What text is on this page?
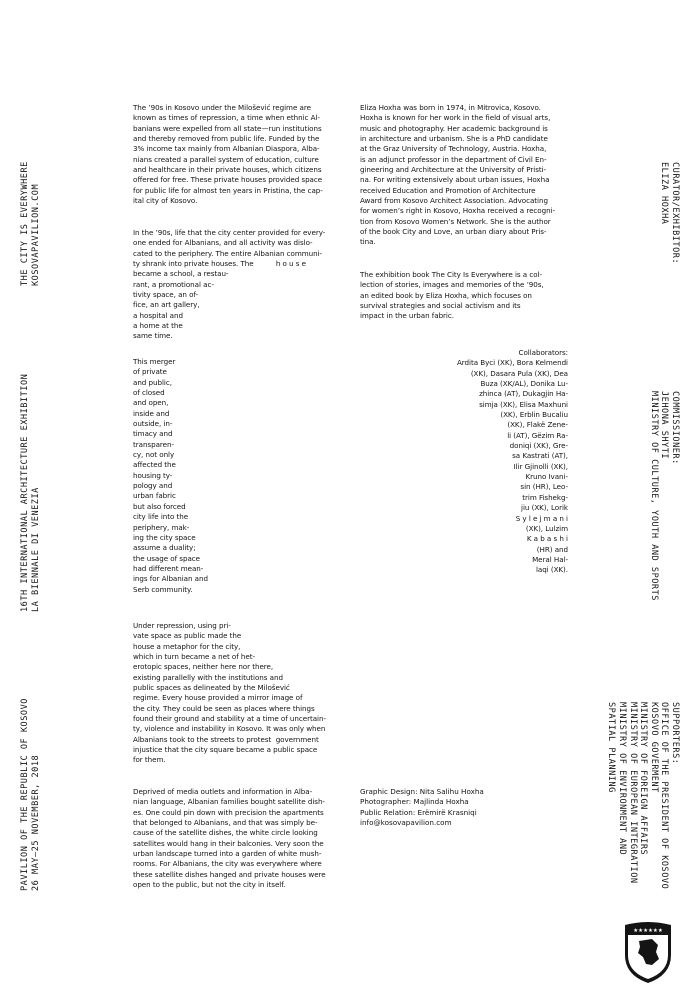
THE CITY IS EVERYWHERE KOSOVAPAVILION.COM
16TH INTERNATIONAL ARCHITECTURE EXHIBITION LA BIENNALE DI VENEZIA
PAVILION OF THE REPUBLIC OF KOSOVO 26 MAY—25 NOVEMBER, 2018
CURATOR/EXHIBITOR:
ELIZA HOXHA
COMMISSIONER:
JEHONA SHYTI
MINISTRY OF CULTURE, YOUTH AND SPORTS
SUPPORTERS:
OFFICE OF THE PRESIDENT OF KOSOVO
KOSOVO GOVERMENT
MINISTRY OF FOREIGN AFFAIRS
MINISTRY OF EUROPEAN INTEGRATION
MINISTRY OF ENVIRONMENT AND
SPATIAL PLANNING

The ’90s in Kosovo under the Milošević regime are
known as times of repression, a time when ethnic Al-
banians were expelled from all state—run institutions
and thereby removed from public life. Funded by the
3% income tax mainly from Albanian Diaspora, Alba-
nians created a parallel system of education, culture
and healthcare in their private houses, which citizens
offered for free. These private houses provided space
for public life for almost ten years in Pristina, the cap-
ital city of Kosovo.

In the ’90s, life that the city center provided for every-
one ended for Albanians, and all activity was dislo-
cated to the periphery. The entire Albanian communi-
ty shrank into private houses. The          h o u s e
became a school, a restau-
rant, a promotional ac-
tivity space, an of-
fice, an art gallery,
a hospital and
a home at the
same time.

This merger
of private
and public,
of closed
and open,
inside and
outside, in-
timacy and
transparen-
cy, not only
affected the
housing ty-
pology and
urban fabric
but also forced
city life into the
periphery, mak-
ing the city space
assume a duality;
the usage of space
had different mean-
ings for Albanian and
Serb community.

Under repression, using pri-
vate space as public made the
house a metaphor for the city,
which in turn became a net of het-
erotopic spaces, neither here nor there,
existing parallelly with the institutions and
public spaces as delineated by the Milošević
regime. Every house provided a mirror image of
the city. They could be seen as places where things
found their ground and stability at a time of uncertain-
ty, violence and instability in Kosovo. It was only when
Albanians took to the streets to protest  government
injustice that the city square became a public space
for them.

Deprived of media outlets and information in Alba-
nian language, Albanian families bought satellite dish-
es. One could pin down with precision the apartments
that belonged to Albanians, and that was simply be-
cause of the satellite dishes, the white circle looking
satellites would hang in their balconies. Very soon the
urban landscape turned into a garden of white mush-
rooms. For Albanians, the city was everywhere where
these satellite dishes hanged and private houses were
open to the public, but not the city in itself.

Eliza Hoxha was born in 1974, in Mitrovica, Kosovo.
Hoxha is known for her work in the field of visual arts,
music and photography. Her academic background is
in architecture and urbanism. She is a PhD candidate
at the Graz University of Technology, Austria. Hoxha,
is an adjunct professor in the department of Civil En-
gineering and Architecture at the University of Pristi-
na. For writing extensively about urban issues, Hoxha
received Education and Promotion of Architecture
Award from Kosovo Architect Association. Advocating
for women’s right in Kosovo, Hoxha received a recogni-
tion from Kosovo Women’s Network. She is the author
of the book City and Love, an urban diary about Pris-
tina.

The exhibition book The City Is Everywhere is a col-
lection of stories, images and memories of the ’90s,
an edited book by Eliza Hoxha, which focuses on
survival strategies and social activism and its
impact in the urban fabric.

Collaborators:
Ardita Byci (XK), Bora Kelmendi
(XK), Dasara Pula (XK), Dea
Buza (XK/AL), Donika Lu-
zhinca (AT), Dukagjin Ha-
simja (XK), Elisa Maxhuni
(XK), Erblin Bucaliu
(XK), Flakë Zene-
li (AT), Gëzim Ra-
doniqi (XK), Gre-
sa Kastrati (AT),
Ilir Gjinolli (XK),
Kruno Ivani-
sin (HR), Leo-
trim Fishekg-
jiu (XK), Lorik
S y l e j m a n i
(XK), Lulzim
K a b a s h i
(HR) and
Meral Hal-
laqi (XK).

Graphic Design: Nita Salihu Hoxha
Photographer: Majlinda Hoxha
Public Relation: Erëmirë Krasniqi
info@kosovapavilion.com

★★★★★★
